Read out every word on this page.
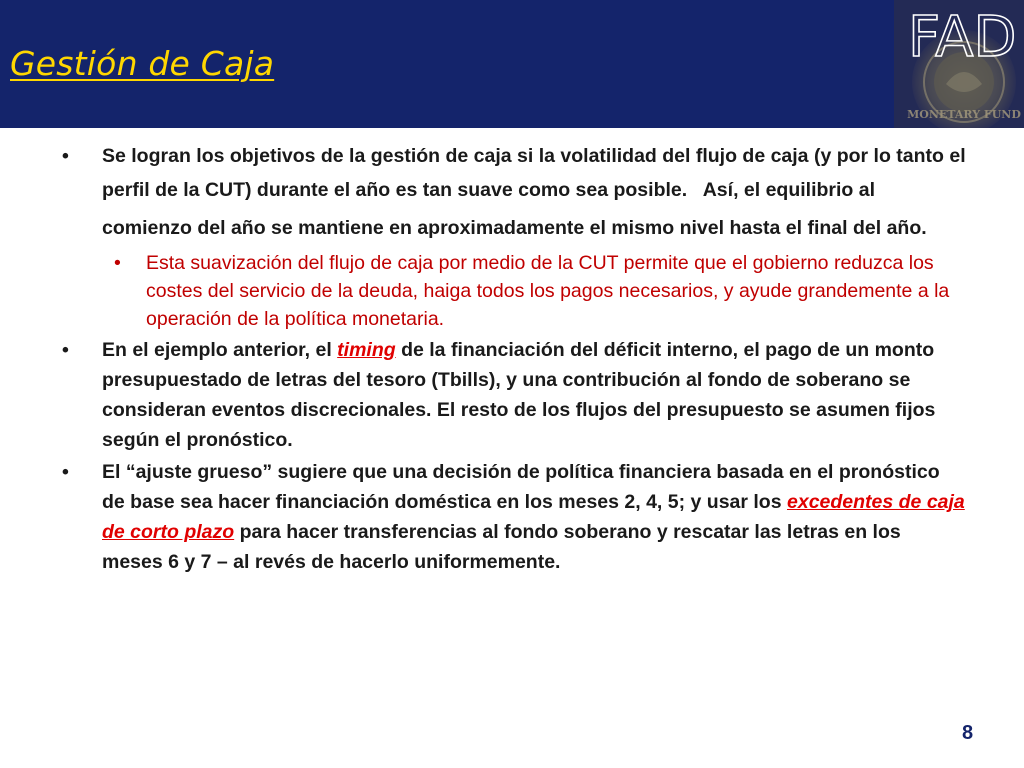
Gestión de Caja
MONETARY FUND
FAD

• Se logran los objetivos de la gestión de caja si la volatilidad del flujo de caja (y por lo tanto el perfil de la CUT) durante el año es tan suave como sea posible. Así, el equilibrio al comienzo del año se mantiene en aproximadamente el mismo nivel hasta el final del año.

• Esta suavización del flujo de caja por medio de la CUT permite que el gobierno reduzca los costes del servicio de la deuda, haiga todos los pagos necesarios, y ayude grandemente a la operación de la política monetaria.

• En el ejemplo anterior, el timing de la financiación del déficit interno, el pago de un monto presupuestado de letras del tesoro (Tbills), y una contribución al fondo de soberano se consideran eventos discrecionales. El resto de los flujos del presupuesto se asumen fijos según el pronóstico.

• El “ajuste grueso” sugiere que una decisión de política financiera basada en el pronóstico de base sea hacer financiación doméstica en los meses 2, 4, 5; y usar los excedentes de caja de corto plazo para hacer transferencias al fondo soberano y rescatar las letras en los meses 6 y 7 – al revés de hacerlo uniformemente.

8
